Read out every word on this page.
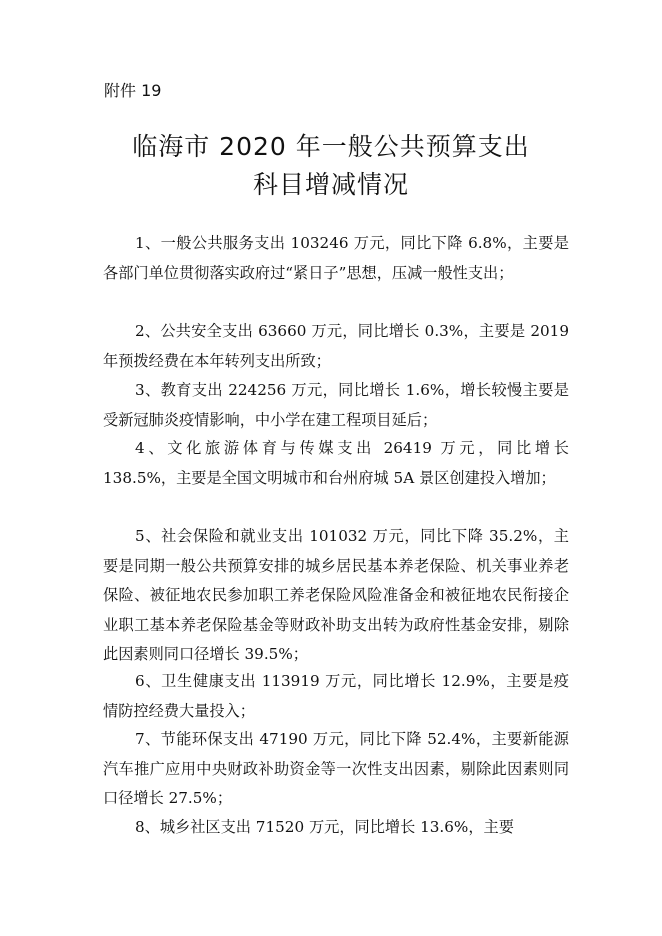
附件 19
临海市 2020 年一般公共预算支出
科目增减情况

1、一般公共服务支出 103246 万元，同比下降 6.8%，主要是各部门单位贯彻落实政府过“紧日子”思想，压减一般性支出；

2、公共安全支出 63660 万元，同比增长 0.3%，主要是 2019 年预拨经费在本年转列支出所致；

3、教育支出 224256 万元，同比增长 1.6%，增长较慢主要是受新冠肺炎疫情影响，中小学在建工程项目延后；

4、文化旅游体育与传媒支出 26419 万元，同比增长 138.5%，主要是全国文明城市和台州府城 5A 景区创建投入增加；

5、社会保险和就业支出 101032 万元，同比下降 35.2%，主要是同期一般公共预算安排的城乡居民基本养老保险、机关事业养老保险、被征地农民参加职工养老保险风险准备金和被征地农民衔接企业职工基本养老保险基金等财政补助支出转为政府性基金安排，剔除此因素则同口径增长 39.5%；

6、卫生健康支出 113919 万元，同比增长 12.9%，主要是疫情防控经费大量投入；

7、节能环保支出 47190 万元，同比下降 52.4%，主要新能源汽车推广应用中央财政补助资金等一次性支出因素，剔除此因素则同口径增长 27.5%；

8、城乡社区支出 71520 万元，同比增长 13.6%，主要
